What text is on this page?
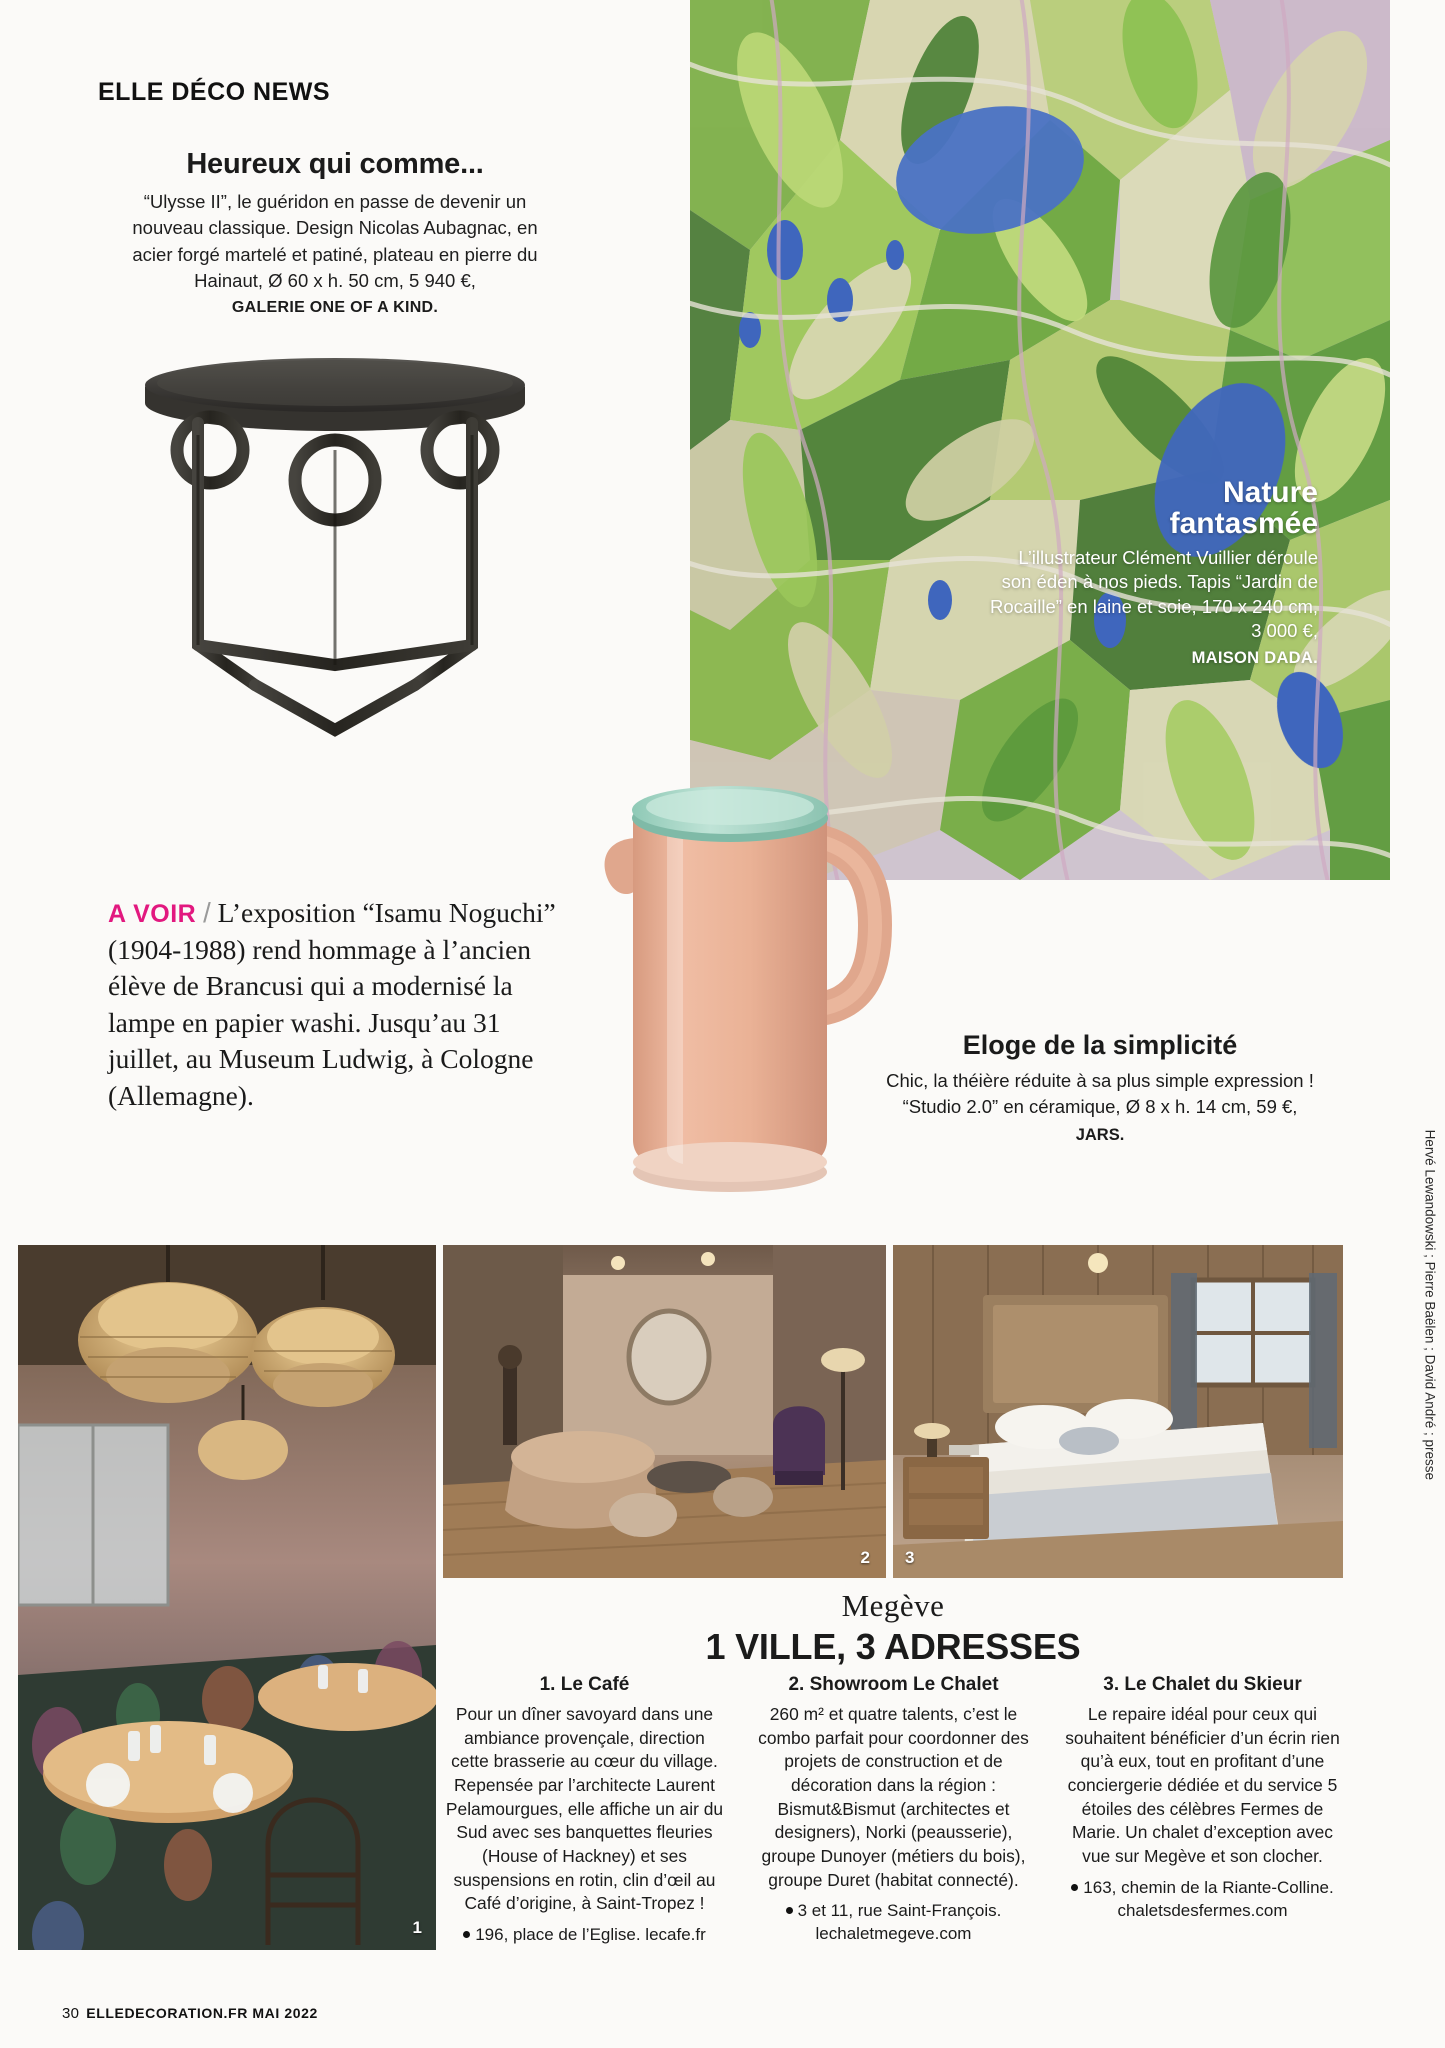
ELLE DÉCO NEWS
Nature
fantasmée

L’illustrateur Clément Vuillier déroule son éden à nos pieds. Tapis “Jardin de Rocaille” en laine et soie, 170 x 240 cm, 3 000 €,

MAISON DADA.
Heureux qui comme...

“Ulysse II”, le guéridon en passe de devenir un nouveau classique. Design Nicolas Aubagnac, en acier forgé martelé et patiné, plateau en pierre du Hainaut, Ø 60 x h. 50 cm, 5 940 €,

GALERIE ONE OF A KIND.
Eloge de la simplicité

Chic, la théière réduite à sa plus simple expression ! “Studio 2.0” en céramique, Ø 8 x h. 14 cm, 59 €, JARS.

A VOIR / L’exposition “Isamu Noguchi” (1904-1988) rend hommage à l’ancien élève de Brancusi qui a modernisé la lampe en papier washi. Jusqu’au 31 juillet, au Museum Ludwig, à Cologne (Allemagne).
1
2 3
Megève
1 VILLE, 3 ADRESSES
1. Le Café

Pour un dîner savoyard dans une ambiance provençale, direction cette brasserie au cœur du village. Repensée par l’architecte Laurent Pelamourgues, elle affiche un air du Sud avec ses banquettes fleuries (House of Hackney) et ses suspensions en rotin, clin d’œil au Café d’origine, à Saint-Tropez !

196, place de l’Eglise. lecafe.fr
2. Showroom Le Chalet

260 m² et quatre talents, c’est le combo parfait pour coordonner des projets de construction et de décoration dans la région : Bismut&Bismut (architectes et designers), Norki (peausserie), groupe Dunoyer (métiers du bois), groupe Duret (habitat connecté).

3 et 11, rue Saint-François. lechaletmegeve.com
3. Le Chalet du Skieur

Le repaire idéal pour ceux qui souhaitent bénéficier d’un écrin rien qu’à eux, tout en profitant d’une conciergerie dédiée et du service 5 étoiles des célèbres Fermes de Marie. Un chalet d’exception avec vue sur Megève et son clocher.

163, chemin de la Riante-Colline. chaletsdesfermes.com
Hervé Lewandowski ; Pierre Baëlen ; David André ; presse
30 ELLEDECORATION.FR MAI 2022
